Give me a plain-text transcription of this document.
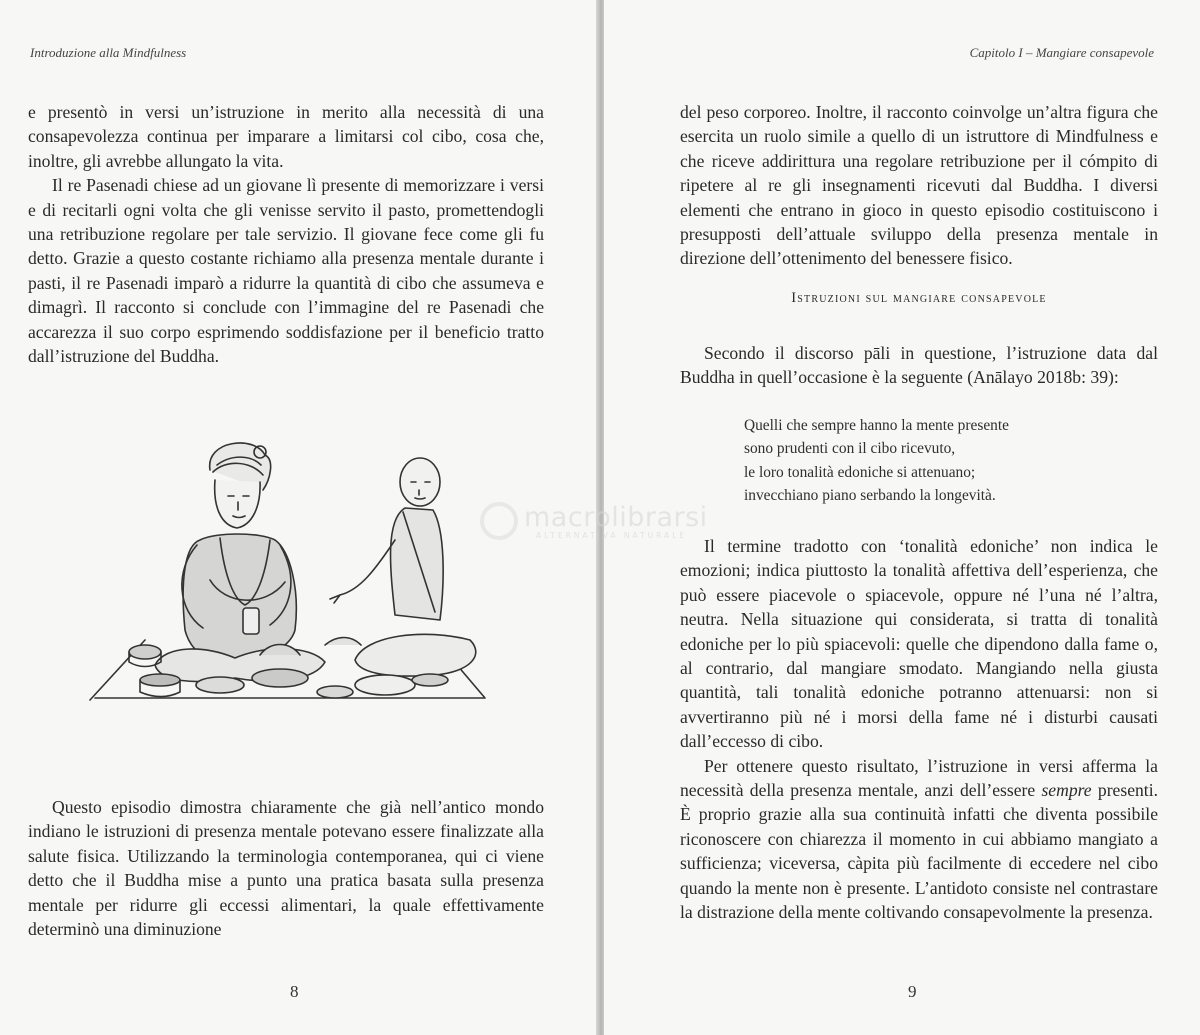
Introduzione alla Mindfulness

e presentò in versi un’istruzione in merito alla necessità di una consapevolezza continua per imparare a limitarsi col cibo, cosa che, inoltre, gli avrebbe allungato la vita.

Il re Pasenadi chiese ad un giovane lì presente di memorizzare i versi e di recitarli ogni volta che gli venisse servito il pasto, promettendogli una retribuzione regolare per tale servizio. Il giovane fece come gli fu detto. Grazie a questo costante richiamo alla presenza mentale durante i pasti, il re Pasenadi imparò a ridurre la quantità di cibo che assumeva e dimagrì. Il racconto si conclude con l’immagine del re Pasenadi che accarezza il suo corpo esprimendo soddisfazione per il beneficio tratto dall’istruzione del Buddha.

Questo episodio dimostra chiaramente che già nell’antico mondo indiano le istruzioni di presenza mentale potevano essere finalizzate alla salute fisica. Utilizzando la terminologia contemporanea, qui ci viene detto che il Buddha mise a punto una pratica basata sulla presenza mentale per ridurre gli eccessi alimentari, la quale effettivamente determinò una diminuzione

8
Capitolo I – Mangiare consapevole

del peso corporeo. Inoltre, il racconto coinvolge un’altra figura che esercita un ruolo simile a quello di un istruttore di Mindfulness e che riceve addirittura una regolare retribuzione per il cómpito di ripetere al re gli insegnamenti ricevuti dal Buddha. I diversi elementi che entrano in gioco in questo episodio costituiscono i presupposti dell’attuale sviluppo della presenza mentale in direzione dell’ottenimento del benessere fisico.

Istruzioni sul mangiare consapevole

Secondo il discorso pāli in questione, l’istruzione data dal Buddha in quell’occasione è la seguente (Anālayo 2018b: 39):

Quelli che sempre hanno la mente presente
sono prudenti con il cibo ricevuto,
le loro tonalità edoniche si attenuano;
invecchiano piano serbando la longevità.

Il termine tradotto con ‘tonalità edoniche’ non indica le emozioni; indica piuttosto la tonalità affettiva dell’esperienza, che può essere piacevole o spiacevole, oppure né l’una né l’altra, neutra. Nella situazione qui considerata, si tratta di tonalità edoniche per lo più spiacevoli: quelle che dipendono dalla fame o, al contrario, dal mangiare smodato. Mangiando nella giusta quantità, tali tonalità edoniche potranno attenuarsi: non si avvertiranno più né i morsi della fame né i disturbi causati dall’eccesso di cibo.

Per ottenere questo risultato, l’istruzione in versi afferma la necessità della presenza mentale, anzi dell’essere sempre presenti. È proprio grazie alla sua continuità infatti che diventa possibile riconoscere con chiarezza il momento in cui abbiamo mangiato a sufficienza; viceversa, càpita più facilmente di eccedere nel cibo quando la mente non è presente. L’antidoto consiste nel contrastare la distrazione della mente coltivando consapevolmente la presenza.

9
macrolibrarsi
ALTERNATIVA NATURALE
